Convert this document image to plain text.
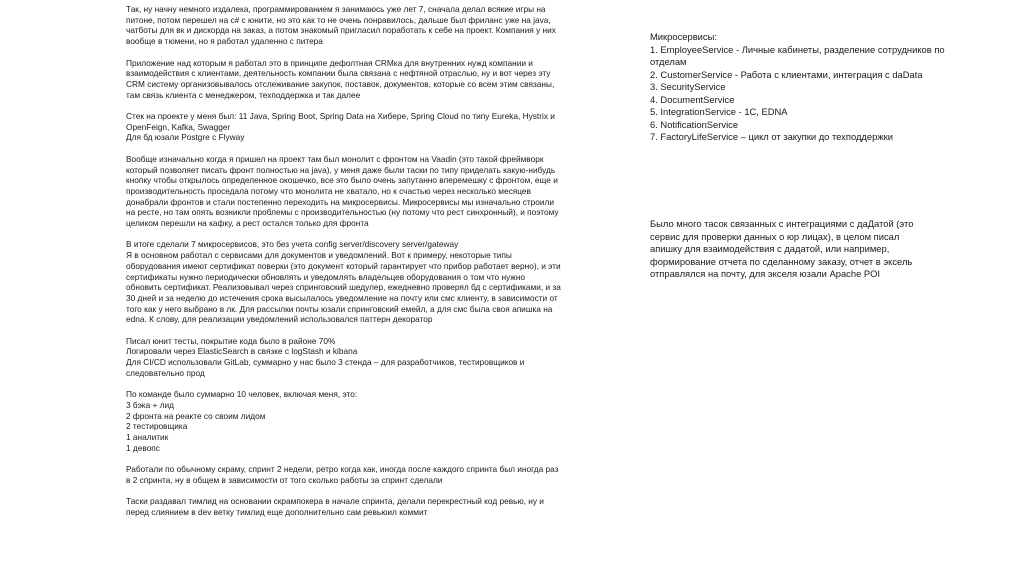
Так, ну начну немного издалека, программированием я занимаюсь уже лет 7, сначала делал всякие игры на
питоне, потом перешел на c# с юнити, но это как то не очень понравилось, дальше был фриланс уже на java,
чатботы для вк и дискорда на заказ, а потом знакомый пригласил поработать к себе на проект. Компания у них
вообще в тюмени, но я работал удаленно с питера

Приложение над которым я работал это в принципе дефолтная CRMка для внутренних нужд компании и
взаимодействия с клиентами, деятельность компании была связана с нефтяной отраслью, ну и вот через эту
CRM систему организовывалось отслеживание закупок, поставок, документов, которые со всем этим связаны,
там связь клиента с менеджером, техподдержка и так далее

Стек на проекте у меня был: 11 Java, Spring Boot, Spring Data на Хибере, Spring Cloud по типу Eureka, Hystrix и
OpenFeign, Kafka, Swagger
Для бд юзали Postgre с Flyway

Вообще изначально когда я пришел на проект там был монолит с фронтом на Vaadin (это такой фреймворк
который позволяет писать фронт полностью на java), у меня даже были таски по типу приделать какую-нибудь
кнопку чтобы открылось определенное окошечко, все это было очень запутанно вперемешку с фронтом, еще и
производительность проседала потому что монолита не хватало, но к счастью через несколько месяцев
донабрали фронтов и стали постепенно переходить на микросервисы. Микросервисы мы изначально строили
на ресте, но там опять возникли проблемы с производительностью (ну потому что рест синхронный), и поэтому
целиком перешли на кафку, а рест остался только для фронта

В итоге сделали 7 микросервисов, это без учета config server/discovery server/gateway
Я в основном работал с сервисами для документов и уведомлений. Вот к примеру, некоторые типы
оборудования имеют сертификат поверки (это документ который гарантирует что прибор работает верно), и эти
сертификаты нужно периодически обновлять и уведомлять владельцев оборудования о том что нужно
обновить сертификат. Реализовывал через спринговский шедулер, ежедневно проверял бд с сертификами, и за
30 дней и за неделю до истечения срока высылалось уведомление на почту или смс клиенту, в зависимости от
того как у него выбрано в лк. Для рассылки почты юзали спринговский емейл, а для смс была своя апишка на
edna. К слову, для реализации уведомлений использовался паттерн декоратор

Писал юнит тесты, покрытие кода было в районе 70%
Логировали через ElasticSearch в связке с logStash и kibana
Для CI/CD использовали GitLab, суммарно у нас было 3 стенда – для разработчиков, тестировщиков и
следовательно прод

По команде было суммарно 10 человек, включая меня, это:
3 бэка + лид
2 фронта на реакте со своим лидом
2 тестировщика
1 аналитик
1 девопс

Работали по обычному скраму, спринт 2 недели, ретро когда как, иногда после каждого спринта был иногда раз
в 2 спринта, ну в общем в зависимости от того сколько работы за спринт сделали

Таски раздавал тимлид на основании скрампокера в начале спринта, делали перекрестный код ревью, ну и
перед слиянием в dev ветку тимлид еще дополнительно сам ревьюил коммит

Микросервисы:
1. EmployeeService - Личные кабинеты, разделение сотрудников по
отделам
2. CustomerService - Работа с клиентами, интеграция с daData
3. SecurityService
4. DocumentService
5. IntegrationService - 1C, EDNA
6. NotificationService
7. FactoryLifeService – цикл от закупки до техподдержки
Было много тасок связанных с интеграциями с даДатой (это
сервис для проверки данных о юр лицах), в целом писал
апишку для взаимодействия с дадатой, или например,
формирование отчета по сделанному заказу, отчет в эксель
отправлялся на почту, для экселя юзали Apache POI
